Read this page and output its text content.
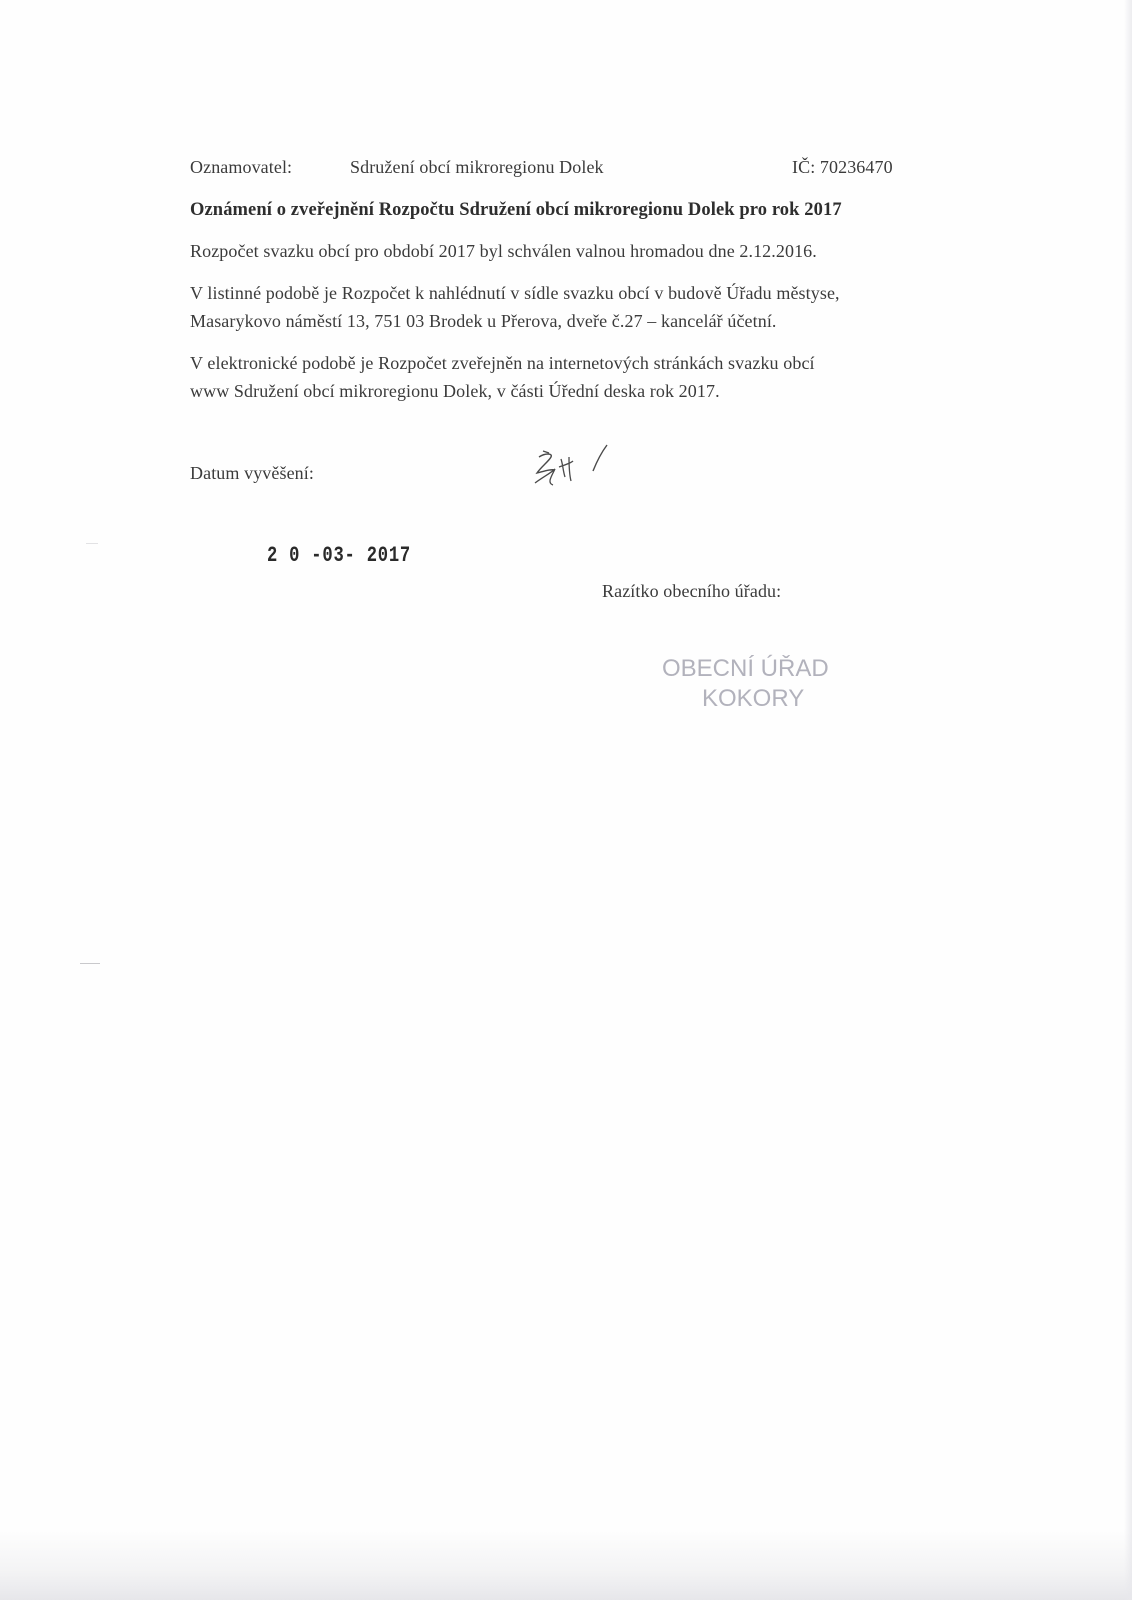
Oznamovatel:	Sdružení obcí mikroregionu Dolek	IČ: 70236470
Oznámení o zveřejnění Rozpočtu Sdružení obcí mikroregionu Dolek pro rok 2017
Rozpočet svazku obcí pro období 2017 byl schválen valnou hromadou dne 2.12.2016.
V listinné podobě je Rozpočet k nahlédnutí v sídle svazku obcí v budově Úřadu městyse,
Masarykovo náměstí 13, 751 03 Brodek u Přerova, dveře č.27 – kancelář účetní.
V elektronické podobě je Rozpočet zveřejněn na internetových stránkách svazku obcí
www Sdružení obcí mikroregionu Dolek, v části Úřední deska rok 2017.
Datum vyvěšení:
2 0 -03- 2017
Razítko obecního úřadu:
OBECNÍ ÚŘAD
KOKORY
